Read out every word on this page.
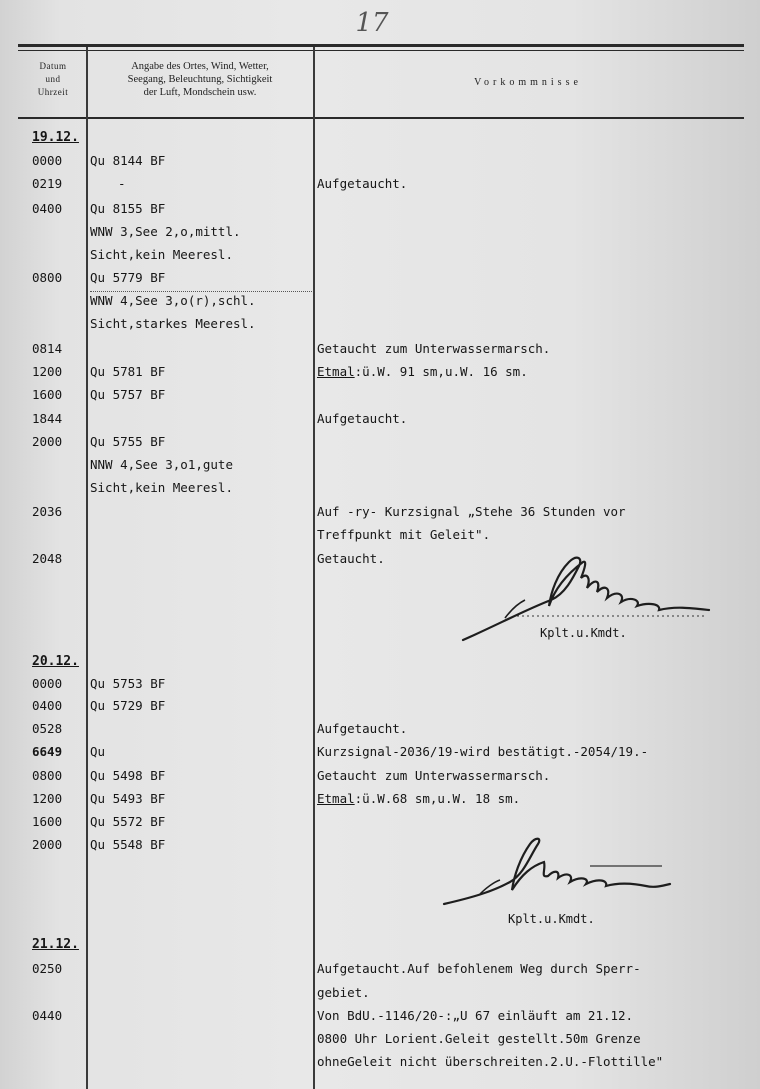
17
Datum
und
Uhrzeit
Angabe des Ortes, Wind, Wetter,
Seegang, Beleuchtung, Sichtigkeit
der Luft, Mondschein usw.
Vorkommnisse
19.12.
0000 Qu 8144 BF
0219	-	Aufgetaucht.
0400 Qu 8155 BF
WNW 3,See 2,o,mittl.
Sicht,kein Meeresl.
0800 Qu 5779 BF
WNW 4,See 3,o(r),schl.
Sicht,starkes Meeresl.
0814	Getaucht zum Unterwassermarsch.
1200 Qu 5781 BF	Etmal:ü.W. 91 sm,u.W. 16 sm.
1600 Qu 5757 BF
1844	Aufgetaucht.
2000 Qu 5755 BF
NNW 4,See 3,o1,gute
Sicht,kein Meeresl.
2036	Auf -ry- Kurzsignal „Stehe 36 Stunden vor
Treffpunkt mit Geleit".
2048	Getaucht.
Kplt.u.Kmdt.
20.12.
0000 Qu 5753 BF
0400 Qu 5729 BF
0528	Aufgetaucht.
6649 Qu	Kurzsignal-2036/19-wird bestätigt.-2054/19.-
0800 Qu 5498 BF	Getaucht zum Unterwassermarsch.
1200 Qu 5493 BF	Etmal:ü.W.68 sm,u.W. 18 sm.
1600 Qu 5572 BF
2000 Qu 5548 BF
Kplt.u.Kmdt.
21.12.
0250	Aufgetaucht.Auf befohlenem Weg durch Sperr-
gebiet.
0440	Von BdU.-1146/20-:„U 67 einläuft am 21.12.
0800 Uhr Lorient.Geleit gestellt.50m Grenze
ohneGeleit nicht überschreiten.2.U.-Flottille"
